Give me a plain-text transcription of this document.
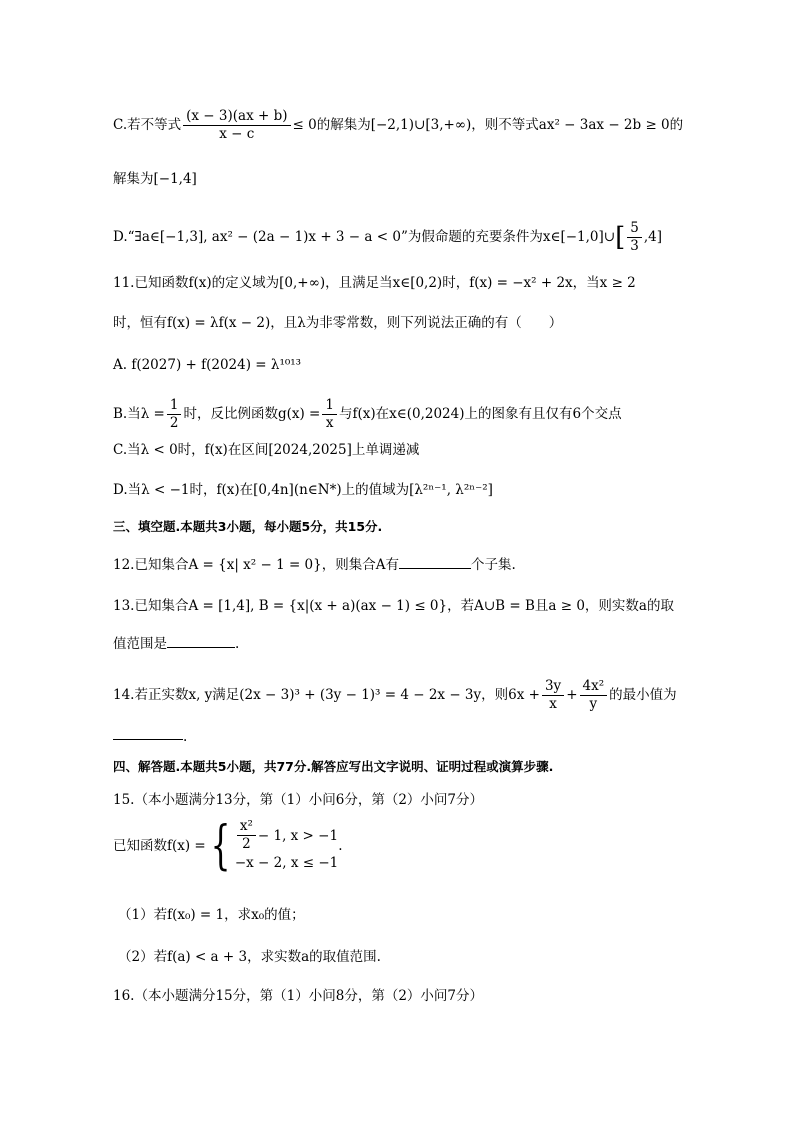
C.若不等式 $\frac{(x - 3)(ax + b)}{x - c} \le 0$的解集为[−2,1)∪[3,+∞)，则不等式ax² − 3ax − 2b ≥ 0的
解集为[−1,4]
D.“∃a∈[−1,3], ax² − (2a − 1)x + 3 − a < 0”为假命题的充要条件为x∈[−1,0]∪[ $\frac{5}{3} ,4$]
11.已知函数f(x)的定义域为[0,+∞)，且满足当x∈[0,2)时，f(x) = −x² + 2x，当x ≥ 2
时，恒有f(x) = λf(x − 2)，且λ为非零常数，则下列说法正确的有（　　）
A. f(2027) + f(2024) = λ¹⁰¹³
B.当$\lambda = \frac{1}{2}$ 时，反比例函数$g(x) = \frac{1}{x}$ 与f(x)在x∈(0,2024)上的图象有且仅有6个交点
C.当λ < 0时，f(x)在区间[2024,2025]上单调递减
D.当λ < −1时，f(x)在[0,4n](n∈N*)上的值域为[λ²ⁿ⁻¹, λ²ⁿ⁻²]
三、填空题.本题共3小题，每小题5分，共15分.
12.已知集合A = {x| x² − 1 = 0}，则集合A有	个子集.
13.已知集合A = [1,4], B = {x|(x + a)(ax − 1) ≤ 0}，若A∪B = B且a ≥ 0，则实数a的取
值范围是	.
14.若正实数x, y满足(2x − 3)³ + (3y − 1)³ = 4 − 2x − 3y，则$6x + \frac{3y}{x} + \frac{\text{4x²}}{y}$ 的最小值为
.
四、解答题.本题共5小题，共77分.解答应写出文字说明、证明过程或演算步骤.
15.（本小题满分13分，第（1）小问6分，第（2）小问7分）
已知函数f(x) = { $\frac{\text{x²}}{2} - 1$, x > −1
−x − 2, x ≤ −1
.
（1）若f(x₀) = 1，求x₀的值；
（2）若f(a) < a + 3，求实数a的取值范围.
16.（本小题满分15分，第（1）小问8分，第（2）小问7分）
